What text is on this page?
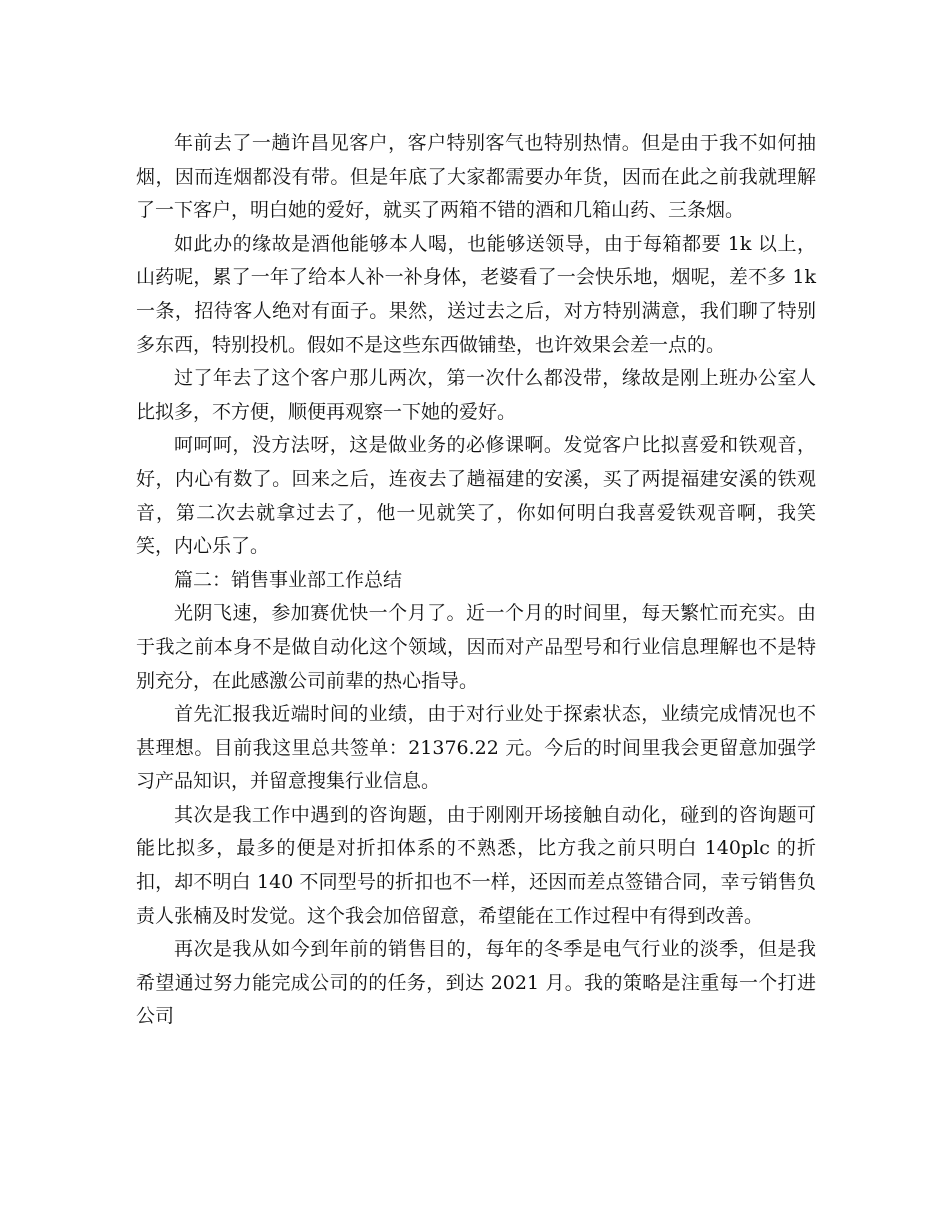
年前去了一趟许昌见客户，客户特别客气也特别热情。但是由于我不如何抽烟，因而连烟都没有带。但是年底了大家都需要办年货，因而在此之前我就理解了一下客户，明白她的爱好，就买了两箱不错的酒和几箱山药、三条烟。

如此办的缘故是酒他能够本人喝，也能够送领导，由于每箱都要 1k 以上，山药呢，累了一年了给本人补一补身体，老婆看了一会快乐地，烟呢，差不多 1k 一条，招待客人绝对有面子。果然，送过去之后，对方特别满意，我们聊了特别多东西，特别投机。假如不是这些东西做铺垫，也许效果会差一点的。

过了年去了这个客户那儿两次，第一次什么都没带，缘故是刚上班办公室人比拟多，不方便，顺便再观察一下她的爱好。

呵呵呵，没方法呀，这是做业务的必修课啊。发觉客户比拟喜爱和铁观音，好，内心有数了。回来之后，连夜去了趟福建的安溪，买了两提福建安溪的铁观音，第二次去就拿过去了，他一见就笑了，你如何明白我喜爱铁观音啊，我笑笑，内心乐了。

篇二：销售事业部工作总结

光阴飞速，参加赛优快一个月了。近一个月的时间里，每天繁忙而充实。由于我之前本身不是做自动化这个领域，因而对产品型号和行业信息理解也不是特别充分，在此感激公司前辈的热心指导。

首先汇报我近端时间的业绩，由于对行业处于探索状态，业绩完成情况也不甚理想。目前我这里总共签单：21376.22 元。今后的时间里我会更留意加强学习产品知识，并留意搜集行业信息。

其次是我工作中遇到的咨询题，由于刚刚开场接触自动化，碰到的咨询题可能比拟多，最多的便是对折扣体系的不熟悉，比方我之前只明白 140plc 的折扣，却不明白 140 不同型号的折扣也不一样，还因而差点签错合同，幸亏销售负责人张楠及时发觉。这个我会加倍留意，希望能在工作过程中有得到改善。

再次是我从如今到年前的销售目的，每年的冬季是电气行业的淡季，但是我希望通过努力能完成公司的的任务，到达 2021 月。我的策略是注重每一个打进公司
